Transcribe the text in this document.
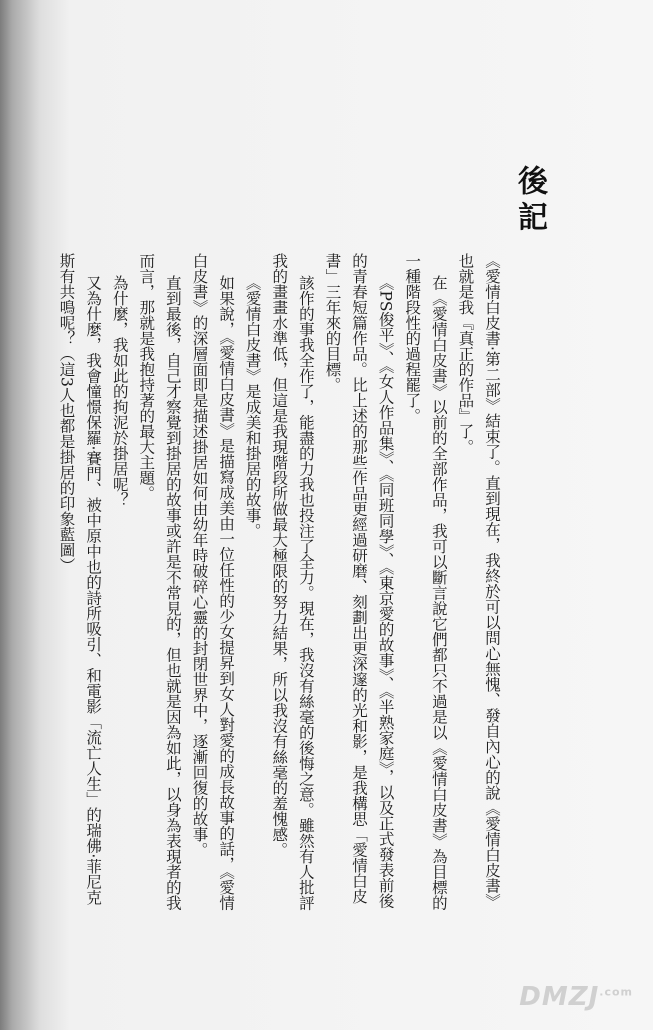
後記

《愛情白皮書‧第二部》結束了。直到現在，我終於可以問心無愧、發自內心的說《愛情白皮書》也就是我『真正的作品』了。

在《愛情白皮書》以前的全部作品，我可以斷言說它們都只不過是以《愛情白皮書》為目標的一種階段性的過程罷了。

《PS俊平》、《女人作品集》、《同班同學》、《東京愛的故事》、《半熟家庭》，以及正式發表前後的青春短篇作品。比上述的那些作品更經過研磨、刻劃出更深邃的光和影，是我構思「愛情白皮書」三年來的目標。

該作的事我全作了，能盡的力我也投注了全力。現在，我沒有絲毫的後悔之意。雖然有人批評我的畫畫水準低，但這是我現階段所做最大極限的努力結果，所以我沒有絲毫的羞愧感。

《愛情白皮書》是成美和掛居的故事。

如果說，《愛情白皮書》是描寫成美由一位任性的少女提昇到女人對愛的成長故事的話，《愛情白皮書》的深層面即是描述掛居如何由幼年時破碎心靈的封閉世界中，逐漸回復的故事。

直到最後，自己才察覺到掛居的故事或許是不常見的，但也就是因為如此，以身為表現者的我而言，那就是我抱持著的最大主題。

為什麼，我如此的拘泥於掛居呢？

又為什麼，我會憧憬保羅‧賽門、被中原中也的詩所吸引、和電影「流亡人生」的瑞佛‧菲尼克斯有共鳴呢？（這3人也都是掛居的印象藍圖）

$DMZJ^{.com}$
